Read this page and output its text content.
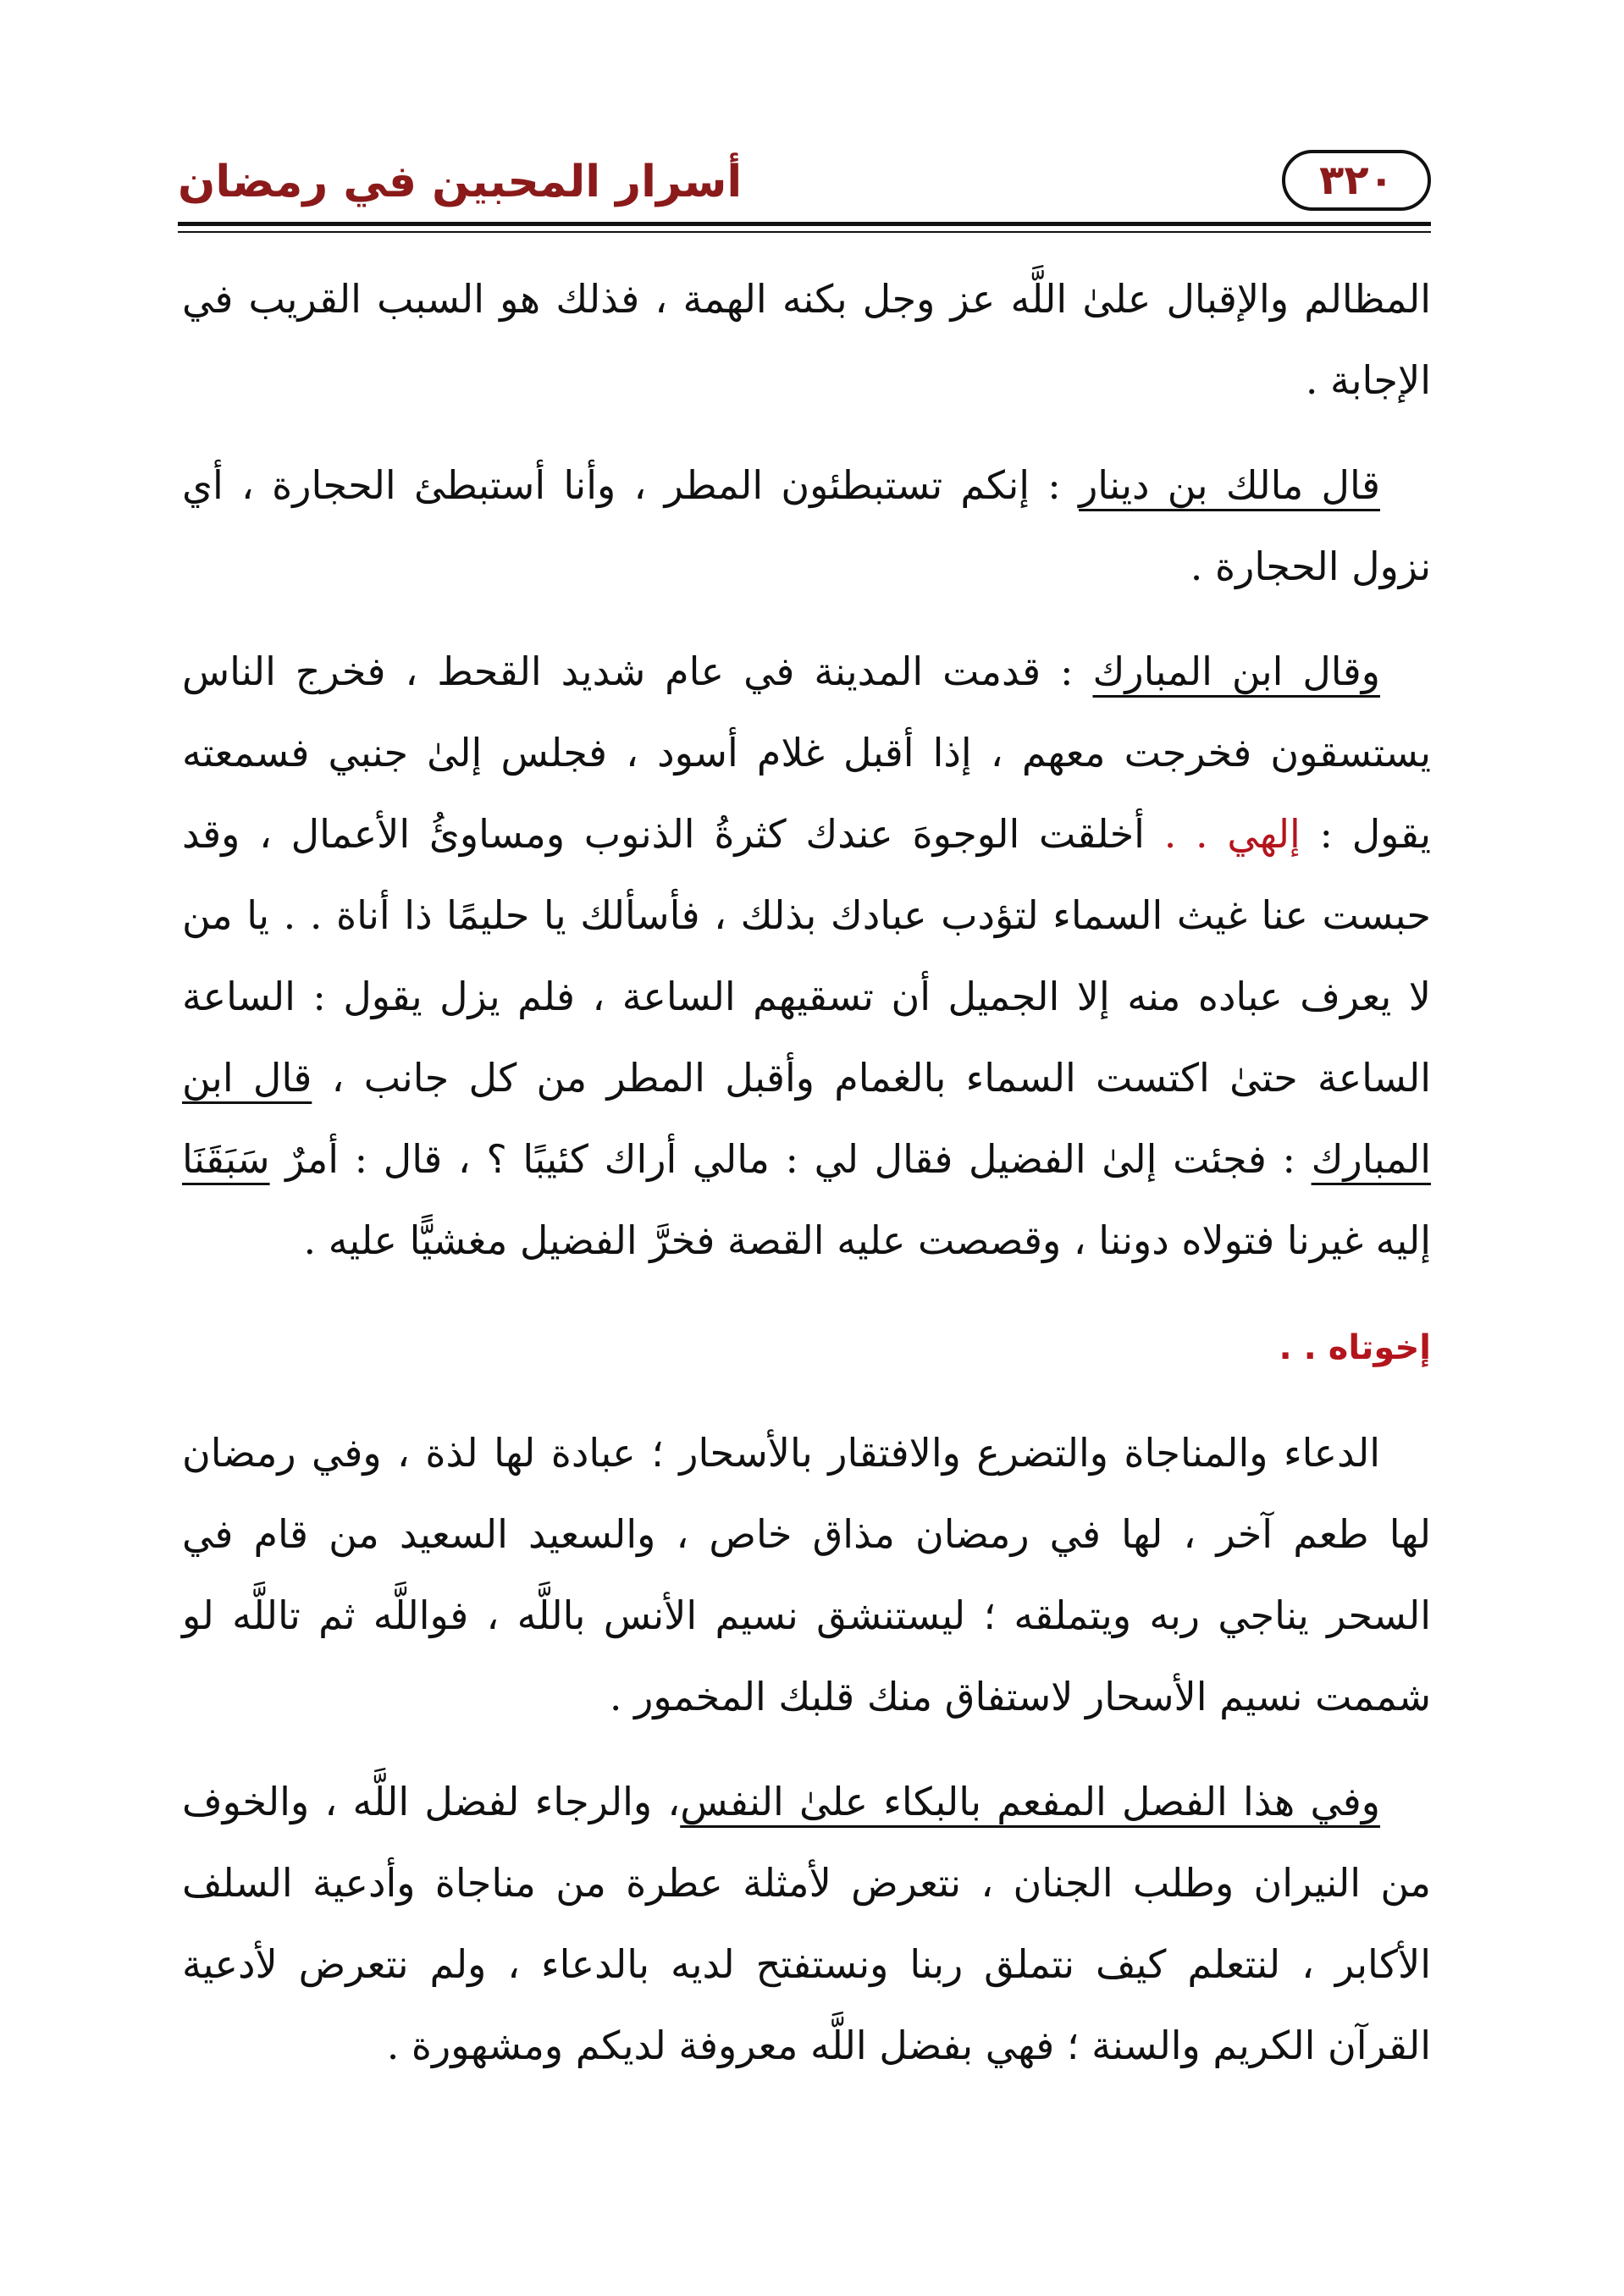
أسرار المحبين في رمضان	٣٢٠

المظالم والإقبال علىٰ اللَّه عز وجل بكنه الهمة ، فذلك هو السبب القريب في الإجابة .

قال مالك بن دينار : إنكم تستبطئون المطر ، وأنا أستبطئ الحجارة ، أي نزول الحجارة .

وقال ابن المبارك : قدمت المدينة في عام شديد القحط ، فخرج الناس يستسقون فخرجت معهم ، إذا أقبل غلام أسود ، فجلس إلىٰ جنبي فسمعته يقول : إلهي . . أخلقت الوجوهَ عندك كثرةُ الذنوب ومساوئُ الأعمال ، وقد حبست عنا غيث السماء لتؤدب عبادك بذلك ، فأسألك يا حليمًا ذا أناة . . يا من لا يعرف عباده منه إلا الجميل أن تسقيهم الساعة ، فلم يزل يقول : الساعة الساعة حتىٰ اكتست السماء بالغمام وأقبل المطر من كل جانب ، قال ابن المبارك : فجئت إلىٰ الفضيل فقال لي : مالي أراك كئيبًا ؟ ، قال : أمرٌ سَبَقَنَا إليه غيرنا فتولاه دوننا ، وقصصت عليه القصة فخرَّ الفضيل مغشيًّا عليه .

إخوتاه . .

الدعاء والمناجاة والتضرع والافتقار بالأسحار ؛ عبادة لها لذة ، وفي رمضان لها طعم آخر ، لها في رمضان مذاق خاص ، والسعيد السعيد من قام في السحر يناجي ربه ويتملقه ؛ ليستنشق نسيم الأنس باللَّه ، فواللَّه ثم تاللَّه لو شممت نسيم الأسحار لاستفاق منك قلبك المخمور .

وفي هذا الفصل المفعم بالبكاء علىٰ النفس، والرجاء لفضل اللَّه ، والخوف من النيران وطلب الجنان ، نتعرض لأمثلة عطرة من مناجاة وأدعية السلف الأكابر ، لنتعلم كيف نتملق ربنا ونستفتح لديه بالدعاء ، ولم نتعرض لأدعية القرآن الكريم والسنة ؛ فهي بفضل اللَّه معروفة لديكم ومشهورة .
